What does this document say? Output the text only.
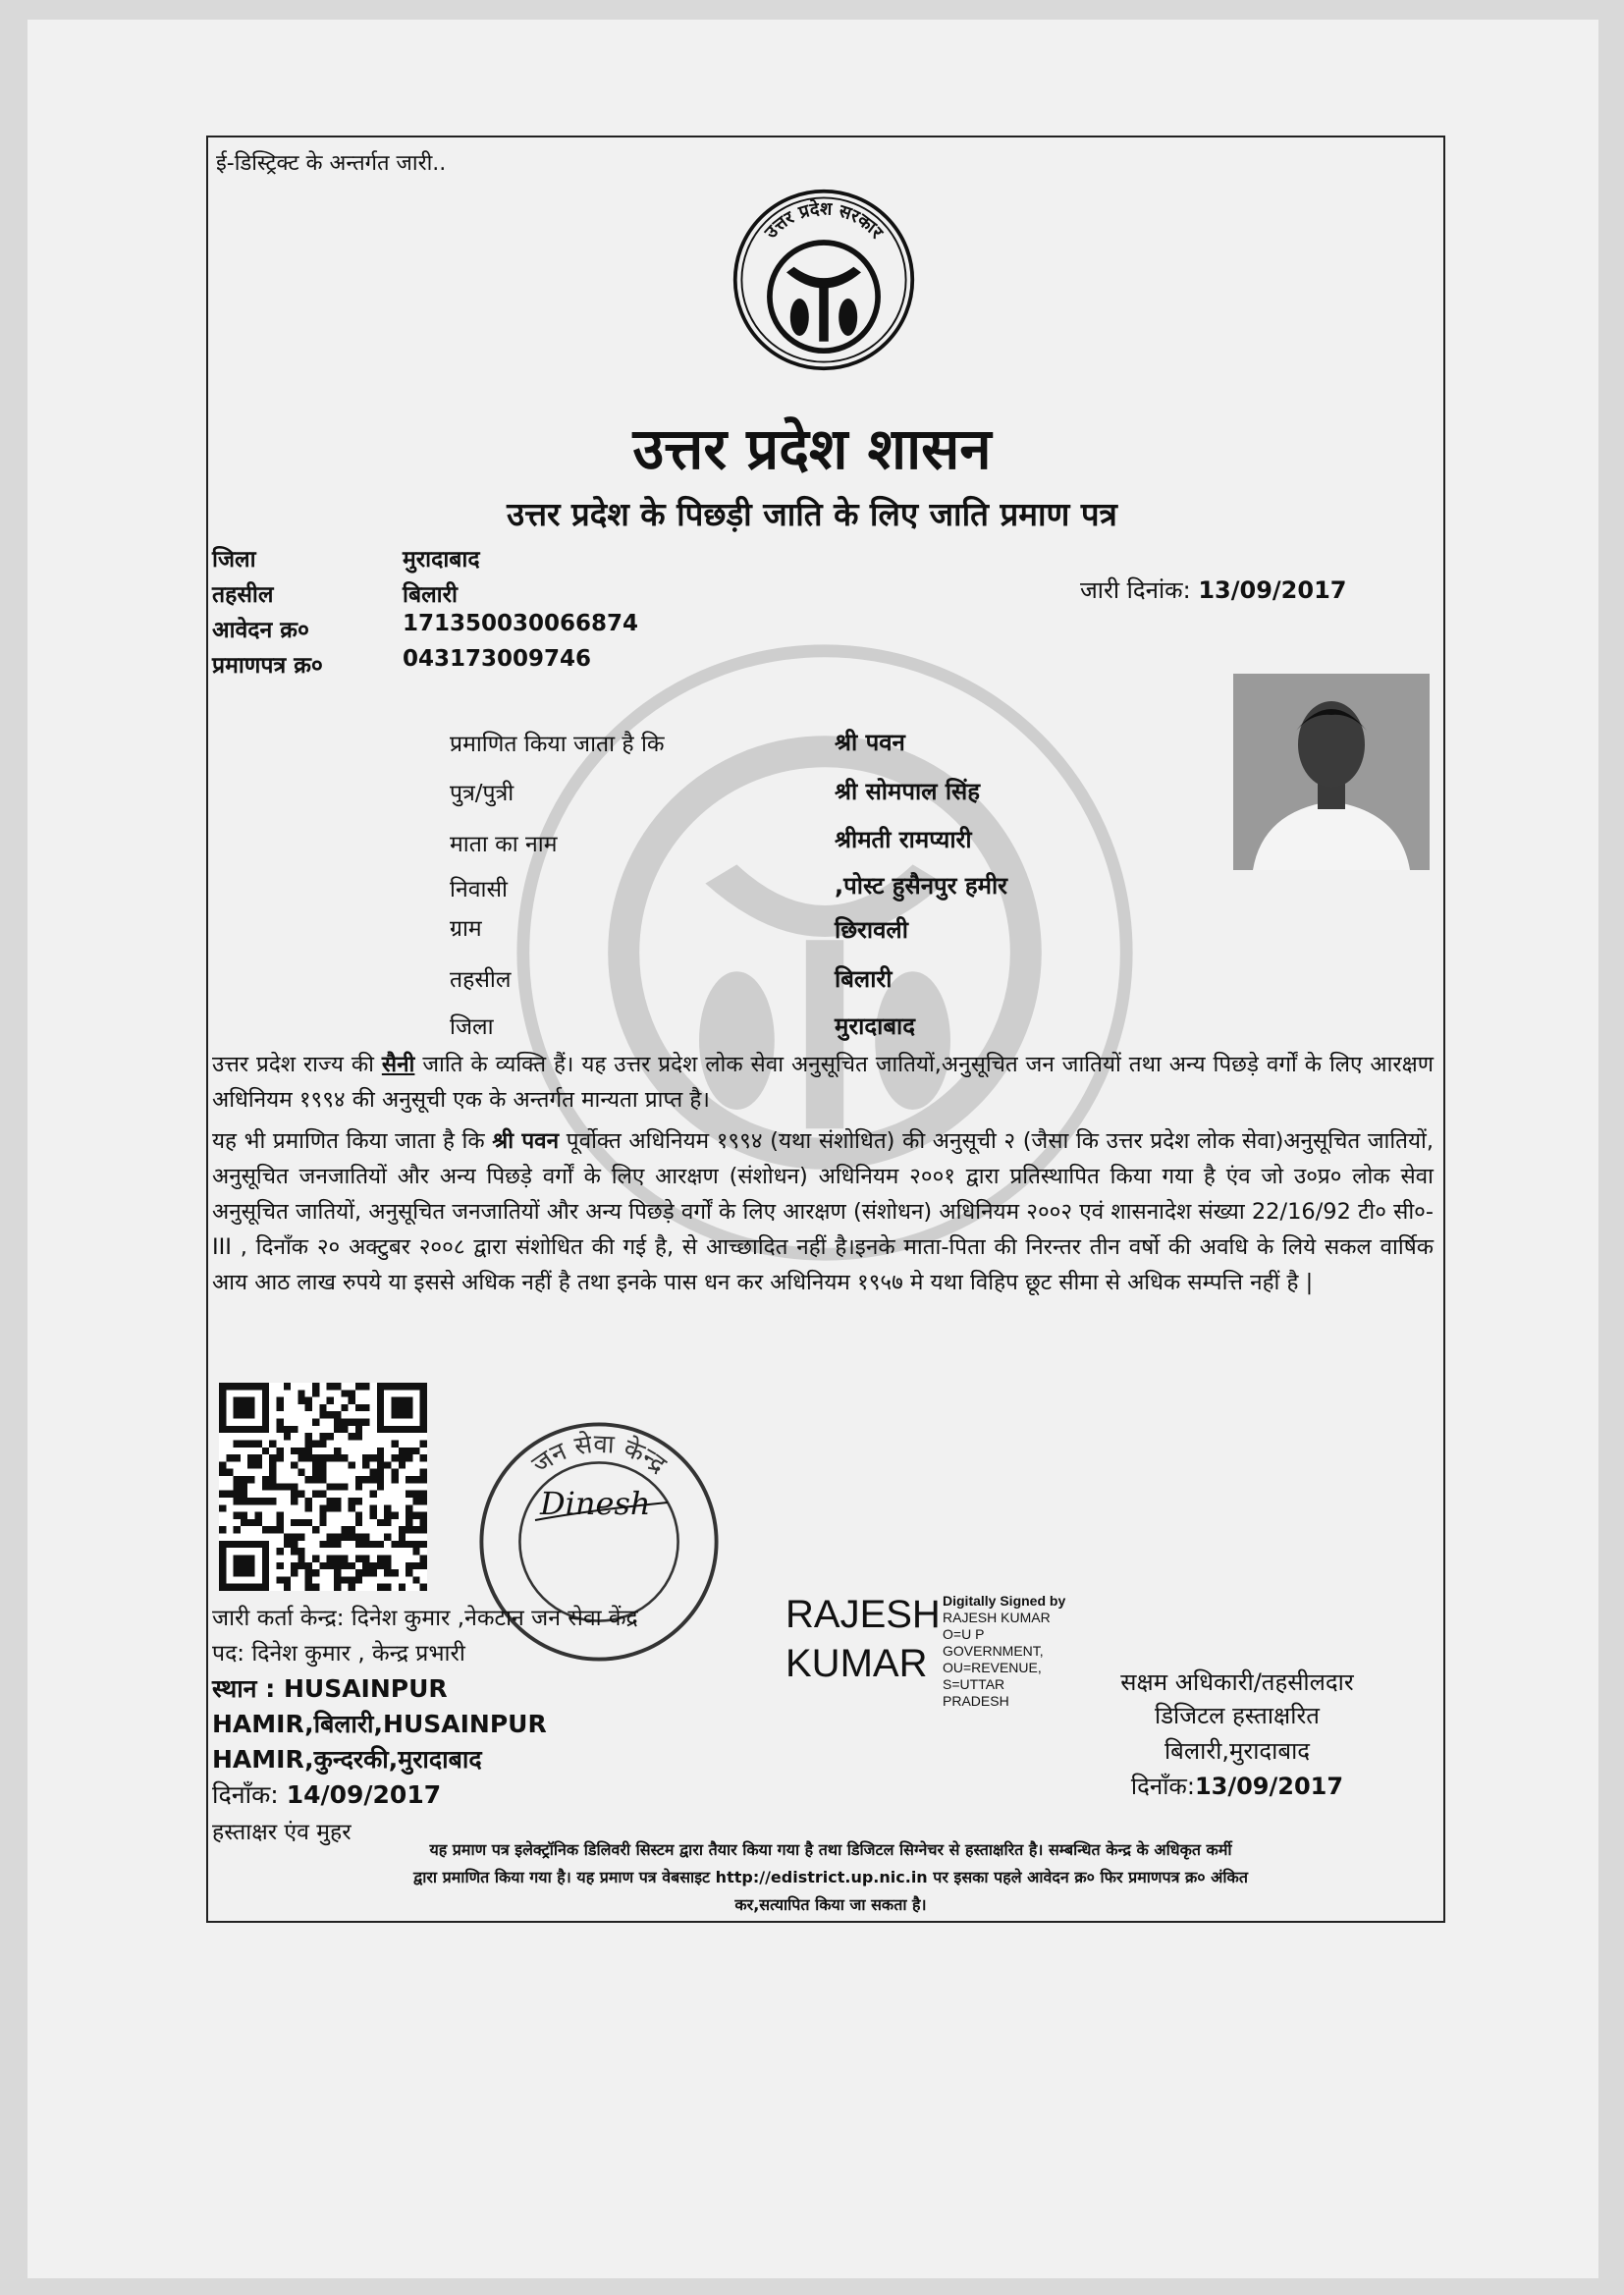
ई-डिस्ट्रिक्ट के अन्तर्गत जारी..
उत्तर प्रदेश सरकार
उत्तर प्रदेश शासन
उत्तर प्रदेश के पिछड़ी जाति के लिए जाति प्रमाण पत्र
जिला	मुरादाबाद
तहसील	बिलारी
आवेदन क्र०	171350030066874
प्रमाणपत्र क्र०	043173009746
जारी दिनांक: 13/09/2017
प्रमाणित किया जाता है कि	श्री पवन
पुत्र/पुत्री	श्री सोमपाल सिंह
माता का नाम	श्रीमती रामप्यारी
निवासी	,पोस्ट हुसैनपुर हमीर
ग्राम	छिरावली
तहसील	बिलारी
जिला	मुरादाबाद
उत्तर प्रदेश राज्य की सैनी जाति के व्यक्ति हैं। यह उत्तर प्रदेश लोक सेवा अनुसूचित जातियों,अनुसूचित जन जातियों तथा अन्य पिछड़े वर्गों के लिए आरक्षण अधिनियम १९९४ की अनुसूची एक के अन्तर्गत मान्यता प्राप्त है।
यह भी प्रमाणित किया जाता है कि श्री पवन पूर्वोक्त अधिनियम १९९४ (यथा संशोधित) की अनुसूची २ (जैसा कि उत्तर प्रदेश लोक सेवा)अनुसूचित जातियों, अनुसूचित जनजातियों और अन्य पिछड़े वर्गों के लिए आरक्षण (संशोधन) अधिनियम २००१ द्वारा प्रतिस्थापित किया गया है एंव जो उ०प्र० लोक सेवा अनुसूचित जातियों, अनुसूचित जनजातियों और अन्य पिछड़े वर्गों के लिए आरक्षण (संशोधन) अधिनियम २००२ एवं शासनादेश संख्या 22/16/92 टी० सी०-III , दिनाँक २० अक्टुबर २००८ द्वारा संशोधित की गई है, से आच्छादित नहीं है।इनके माता-पिता की निरन्तर तीन वर्षो की अवधि के लिये सकल वार्षिक आय आठ लाख रुपये या इससे अधिक नहीं है तथा इनके पास धन कर अधिनियम १९५७ मे यथा विहिप छूट सीमा से अधिक सम्पत्ति नहीं है |
जन सेवा केन्द्र
Dinesh
जारी कर्ता केन्द्र: दिनेश कुमार ,नेकटान जन सेवा केंद्र
पद: दिनेश कुमार , केन्द्र प्रभारी
स्थान : HUSAINPUR
HAMIR,बिलारी,HUSAINPUR
HAMIR,कुन्दरकी,मुरादाबाद
दिनाँक: 14/09/2017
हस्ताक्षर एंव मुहर
RAJESH
KUMAR
Digitally Signed by
RAJESH KUMAR
O=U P
GOVERNMENT,
OU=REVENUE,
S=UTTAR
PRADESH
सक्षम अधिकारी/तहसीलदार
डिजिटल हस्ताक्षरित
बिलारी,मुरादाबाद
दिनाँक:13/09/2017
यह प्रमाण पत्र इलेक्ट्रॉनिक डिलिवरी सिस्टम द्वारा तैयार किया गया है तथा डिजिटल सिग्नेचर से हस्ताक्षरित है। सम्बन्धित केन्द्र के अधिकृत कर्मी
द्वारा प्रमाणित किया गया है। यह प्रमाण पत्र वेबसाइट http://edistrict.up.nic.in पर इसका पहले आवेदन क्र० फिर प्रमाणपत्र क्र० अंकित
कर,सत्यापित किया जा सकता है।
